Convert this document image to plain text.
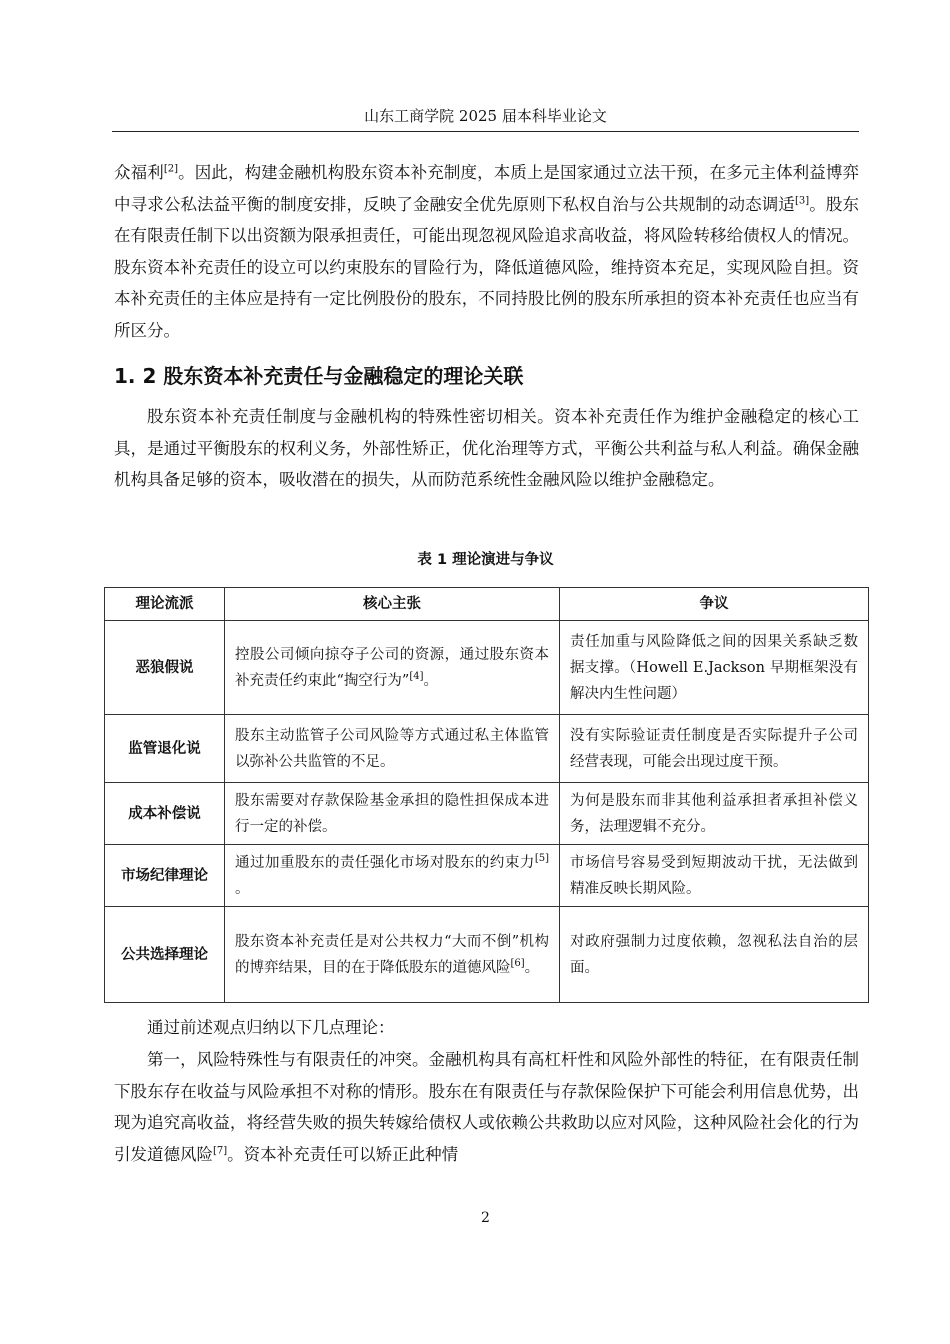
山东工商学院 2025 届本科毕业论文

众福利[2]。因此，构建金融机构股东资本补充制度，本质上是国家通过立法干预，在多元主体利益博弈中寻求公私法益平衡的制度安排，反映了金融安全优先原则下私权自治与公共规制的动态调适[3]。股东在有限责任制下以出资额为限承担责任，可能出现忽视风险追求高收益，将风险转移给债权人的情况。股东资本补充责任的设立可以约束股东的冒险行为，降低道德风险，维持资本充足，实现风险自担。资本补充责任的主体应是持有一定比例股份的股东，不同持股比例的股东所承担的资本补充责任也应当有所区分。

1. 2 股东资本补充责任与金融稳定的理论关联

股东资本补充责任制度与金融机构的特殊性密切相关。资本补充责任作为维护金融稳定的核心工具，是通过平衡股东的权利义务，外部性矫正，优化治理等方式，平衡公共利益与私人利益。确保金融机构具备足够的资本，吸收潜在的损失，从而防范系统性金融风险以维护金融稳定。

表 1 理论演进与争议
理论流派	核心主张	争议
恶狼假说	控股公司倾向掠夺子公司的资源，通过股东资本补充责任约束此“掏空行为”[4]。	责任加重与风险降低之间的因果关系缺乏数据支撑。（Howell E.Jackson 早期框架没有解决内生性问题）
监管退化说	股东主动监管子公司风险等方式通过私主体监管以弥补公共监管的不足。	没有实际验证责任制度是否实际提升子公司经营表现，可能会出现过度干预。
成本补偿说	股东需要对存款保险基金承担的隐性担保成本进行一定的补偿。	为何是股东而非其他利益承担者承担补偿义务，法理逻辑不充分。
市场纪律理论	通过加重股东的责任强化市场对股东的约束力[5] 。	市场信号容易受到短期波动干扰，无法做到精准反映长期风险。
公共选择理论	股东资本补充责任是对公共权力“大而不倒”机构的博弈结果，目的在于降低股东的道德风险[6]。	对政府强制力过度依赖，忽视私法自治的层面。

通过前述观点归纳以下几点理论：

第一，风险特殊性与有限责任的冲突。金融机构具有高杠杆性和风险外部性的特征，在有限责任制下股东存在收益与风险承担不对称的情形。股东在有限责任与存款保险保护下可能会利用信息优势，出现为追究高收益，将经营失败的损失转嫁给债权人或依赖公共救助以应对风险，这种风险社会化的行为引发道德风险[7]。资本补充责任可以矫正此种情

2
